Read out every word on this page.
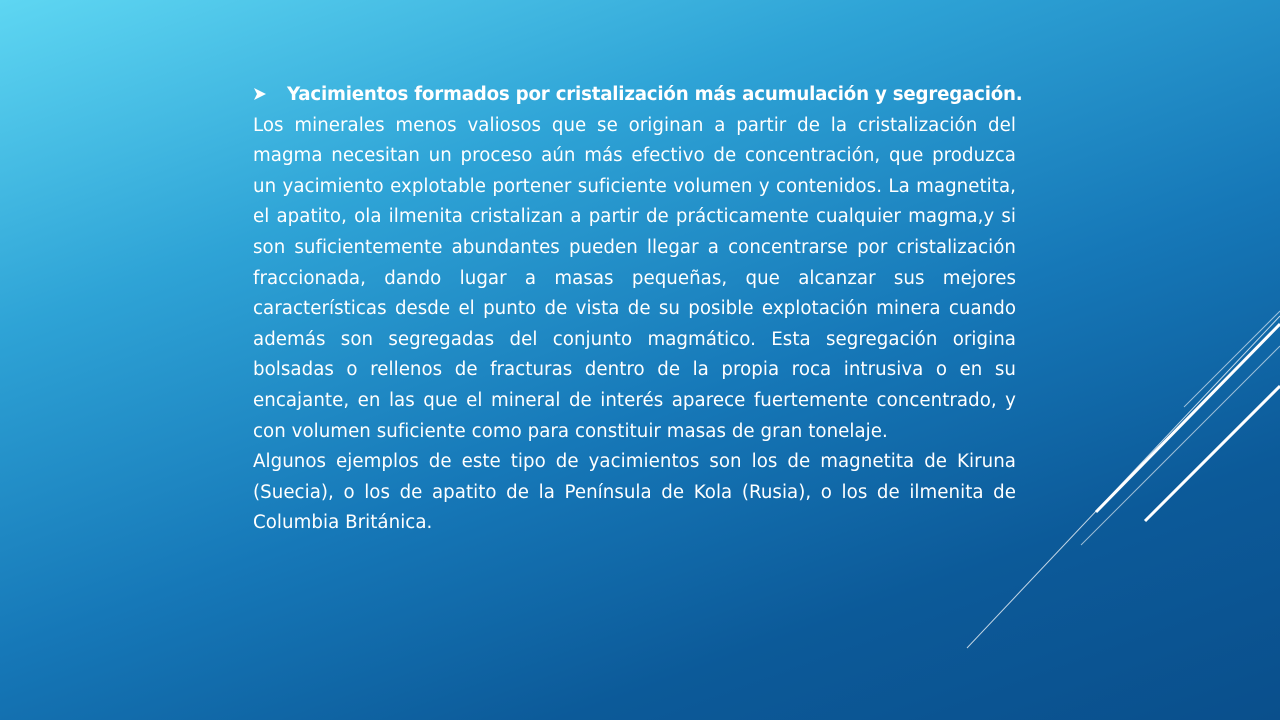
Yacimientos formados por cristalización más acumulación y segregación.

Los minerales menos valiosos que se originan a partir de la cristalización del magma necesitan un proceso aún más efectivo de concentración, que produzca un yacimiento explotable portener suficiente volumen y contenidos. La magnetita, el apatito, ola ilmenita cristalizan a partir de prácticamente cualquier magma,y si son suficientemente abundantes pueden llegar a concentrarse por cristalización fraccionada, dando lugar a masas pequeñas, que alcanzar sus mejores características desde el punto de vista de su posible explotación minera cuando además son segregadas del conjunto magmático. Esta segregación origina bolsadas o rellenos de fracturas dentro de la propia roca intrusiva o en su encajante, en las que el mineral de interés aparece fuertemente concentrado, y con volumen suficiente como para constituir masas de gran tonelaje.

Algunos ejemplos de este tipo de yacimientos son los de magnetita de Kiruna (Suecia), o los de apatito de la Península de Kola (Rusia), o los de ilmenita de Columbia Británica.
